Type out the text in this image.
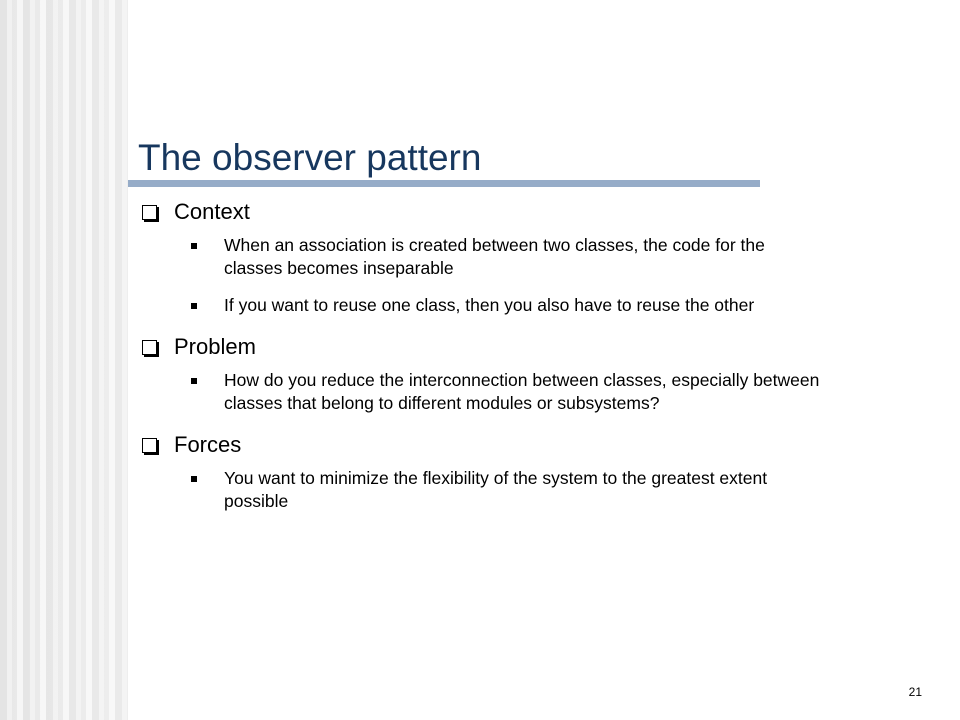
The observer pattern
Context
When an association is created between two classes, the code for the classes becomes inseparable
If you want to reuse one class, then you also have to reuse the other
Problem
How do you reduce the interconnection between classes, especially between classes that belong to different modules or subsystems?
Forces
You want to minimize the flexibility of the system to the greatest extent possible
21
